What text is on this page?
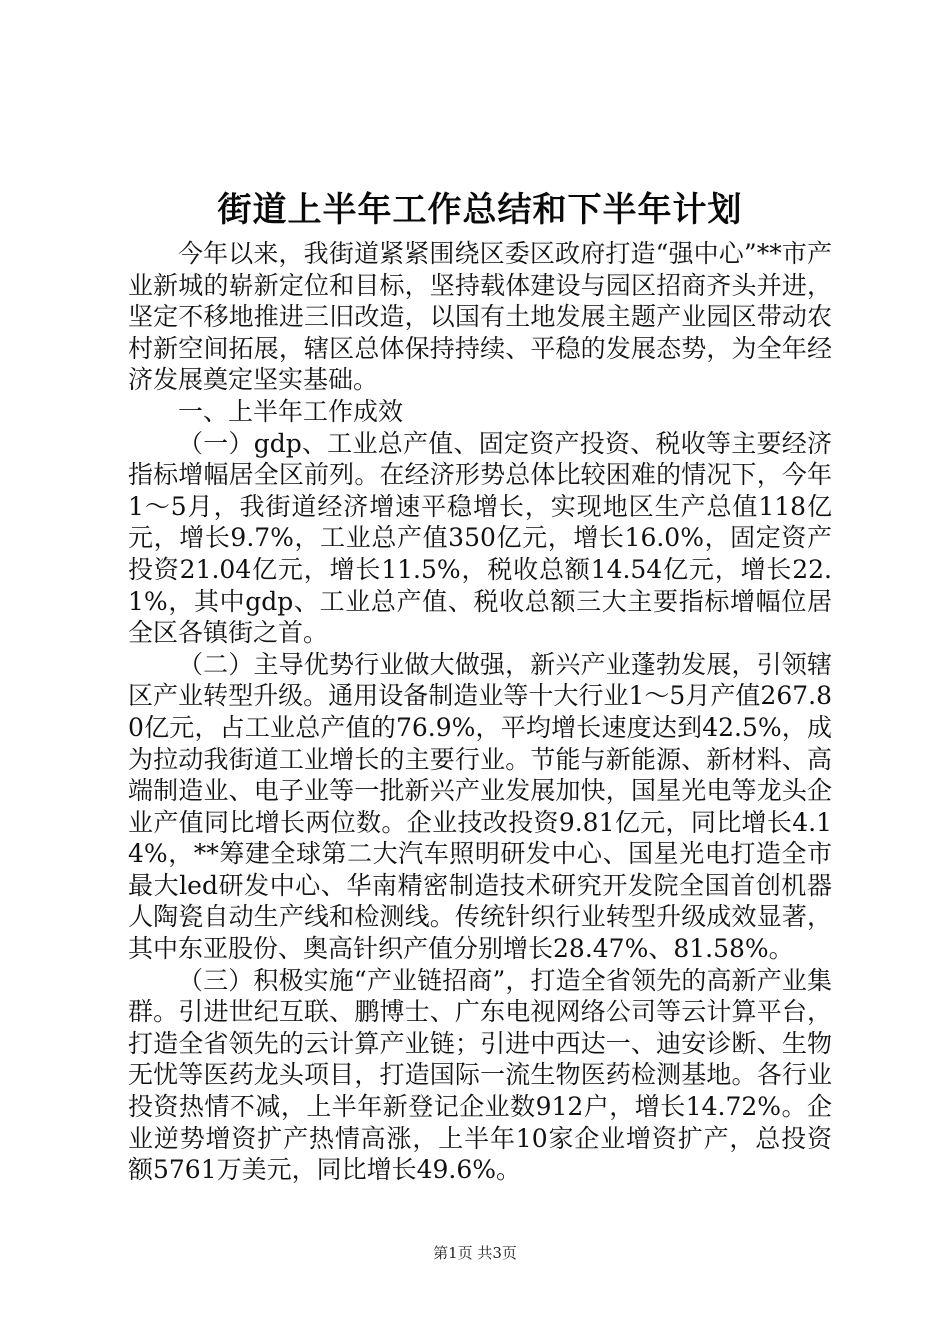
街道上半年工作总结和下半年计划

今年以来，我街道紧紧围绕区委区政府打造“强中心”**市产业新城的崭新定位和目标，坚持载体建设与园区招商齐头并进，坚定不移地推进三旧改造，以国有土地发展主题产业园区带动农村新空间拓展，辖区总体保持持续、平稳的发展态势，为全年经济发展奠定坚实基础。

一、上半年工作成效

（一）gdp、工业总产值、固定资产投资、税收等主要经济指标增幅居全区前列。在经济形势总体比较困难的情况下，今年1～5月，我街道经济增速平稳增长，实现地区生产总值118亿元，增长9.7%，工业总产值350亿元，增长16.0%，固定资产投资21.04亿元，增长11.5%，税收总额14.54亿元，增长22.1%，其中gdp、工业总产值、税收总额三大主要指标增幅位居全区各镇街之首。

（二）主导优势行业做大做强，新兴产业蓬勃发展，引领辖区产业转型升级。通用设备制造业等十大行业1～5月产值267.80亿元，占工业总产值的76.9%，平均增长速度达到42.5%，成为拉动我街道工业增长的主要行业。节能与新能源、新材料、高端制造业、电子业等一批新兴产业发展加快，国星光电等龙头企业产值同比增长两位数。企业技改投资9.81亿元，同比增长4.14%，**筹建全球第二大汽车照明研发中心、国星光电打造全市最大led研发中心、华南精密制造技术研究开发院全国首创机器人陶瓷自动生产线和检测线。传统针织行业转型升级成效显著，其中东亚股份、奥高针织产值分别增长28.47%、81.58%。

（三）积极实施“产业链招商”，打造全省领先的高新产业集群。引进世纪互联、鹏博士、广东电视网络公司等云计算平台，打造全省领先的云计算产业链；引进中西达一、迪安诊断、生物无忧等医药龙头项目，打造国际一流生物医药检测基地。各行业投资热情不减，上半年新登记企业数912户，增长14.72%。企业逆势增资扩产热情高涨，上半年10家企业增资扩产，总投资额5761万美元，同比增长49.6%。

第1页 共3页
